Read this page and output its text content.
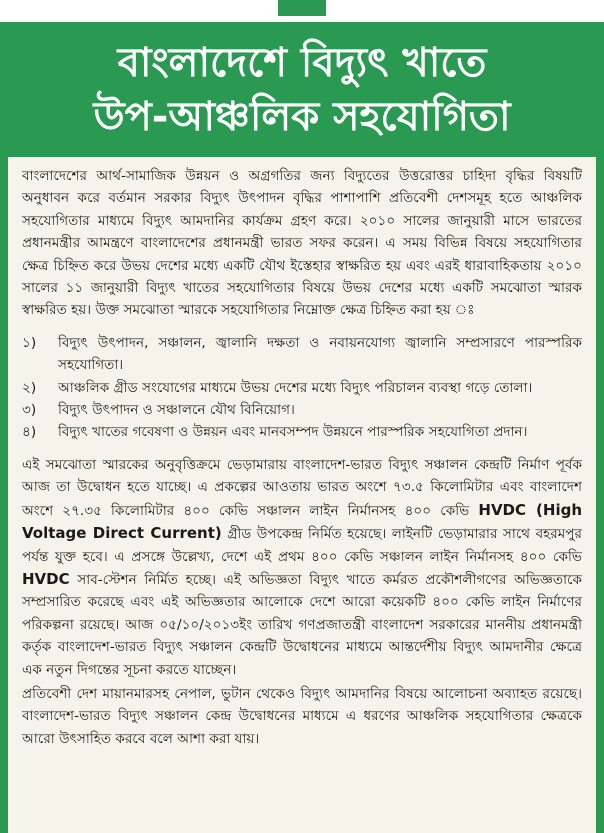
বাংলাদেশে বিদ্যুৎ খাতে
উপ-আঞ্চলিক সহযোগিতা

বাংলাদেশের আর্থ-সামাজিক উন্নয়ন ও অগ্রগতির জন্য বিদ্যুতের উত্তরোত্তর চাহিদা বৃদ্ধির বিষয়টি অনুধাবন করে বর্তমান সরকার বিদ্যুৎ উৎপাদন বৃদ্ধির পাশাপাশি প্রতিবেশী দেশসমূহ হতে আঞ্চলিক সহযোগিতার মাধ্যমে বিদ্যুৎ আমদানির কার্যক্রম গ্রহণ করে। ২০১০ সালের জানুয়ারী মাসে ভারতের প্রধানমন্ত্রীর আমন্ত্রণে বাংলাদেশের প্রধানমন্ত্রী ভারত সফর করেন। এ সময় বিভিন্ন বিষয়ে সহযোগিতার ক্ষেত্র চিহ্নিত করে উভয় দেশের মধ্যে একটি যৌথ ইস্তেহার স্বাক্ষরিত হয় এবং এরই ধারাবাহিকতায় ২০১০ সালের ১১ জানুয়ারী বিদ্যুৎ খাতের সহযোগিতার বিষয়ে উভয় দেশের মধ্যে একটি সমঝোতা স্মারক স্বাক্ষরিত হয়। উক্ত সমঝোতা স্মারকে সহযোগিতার নিম্নোক্ত ক্ষেত্র চিহ্নিত করা হয় ঃ

১)	বিদ্যুৎ উৎপাদন, সঞ্চালন, জ্বালানি দক্ষতা ও নবায়নযোগ্য জ্বালানি সম্প্রসারণে পারস্পরিক সহযোগিতা।
২)	আঞ্চলিক গ্রীড সংযোগের মাধ্যমে উভয় দেশের মধ্যে বিদ্যুৎ পরিচালন ব্যবস্থা গড়ে তোলা।
৩)	বিদ্যুৎ উৎপাদন ও সঞ্চালনে যৌথ বিনিয়োগ।
৪)	বিদ্যুৎ খাতের গবেষণা ও উন্নয়ন এবং মানবসম্পদ উন্নয়নে পারস্পরিক সহযোগিতা প্রদান।

এই সমঝোতা স্মারকের অনুবৃত্তিক্রমে ভেড়ামারায় বাংলাদেশ-ভারত বিদ্যুৎ সঞ্চালন কেন্দ্রটি নির্মাণ পূর্বক আজ তা উদ্বোধন হতে যাচ্ছে। এ প্রকল্পের আওতায় ভারত অংশে ৭৩.৫ কিলোমিটার এবং বাংলাদেশ অংশে ২৭.৩৫ কিলোমিটার ৪০০ কেভি সঞ্চালন লাইন নির্মানসহ ৪০০ কেভি HVDC (High Voltage Direct Current) গ্রীড উপকেন্দ্র নির্মিত হয়েছে। লাইনটি ভেড়ামারার সাথে বহরমপুর পর্যন্ত যুক্ত হবে। এ প্রসঙ্গে উল্লেখ্য, দেশে এই প্রথম ৪০০ কেভি সঞ্চালন লাইন নির্মানসহ ৪০০ কেভি HVDC সাব-স্টেশন নির্মিত হচ্ছে। এই অভিজ্ঞতা বিদ্যুৎ খাতে কর্মরত প্রকৌশলীগণের অভিজ্ঞতাকে সম্প্রসারিত করেছে এবং এই অভিজ্ঞতার আলোকে দেশে আরো কয়েকটি ৪০০ কেভি লাইন নির্মাণের পরিকল্পনা রয়েছে। আজ ০৫/১০/২০১৩ইং তারিখ গণপ্রজাতন্ত্রী বাংলাদেশ সরকারের মাননীয় প্রধানমন্ত্রী কর্তৃক বাংলাদেশ-ভারত বিদ্যুৎ সঞ্চালন কেন্দ্রটি উদ্বোধনের মাধ্যমে আন্তর্দেশীয় বিদ্যুৎ আমদানীর ক্ষেত্রে এক নতুন দিগন্তের সূচনা করতে যাচ্ছেন।

প্রতিবেশী দেশ মায়ানমারসহ নেপাল, ভুটান থেকেও বিদ্যুৎ আমদানির বিষয়ে আলোচনা অব্যাহত রয়েছে। বাংলাদেশ-ভারত বিদ্যুৎ সঞ্চালন কেন্দ্র উদ্বোধনের মাধ্যমে এ ধরণের আঞ্চলিক সহযোগিতার ক্ষেত্রকে আরো উৎসাহিত করবে বলে আশা করা যায়।
